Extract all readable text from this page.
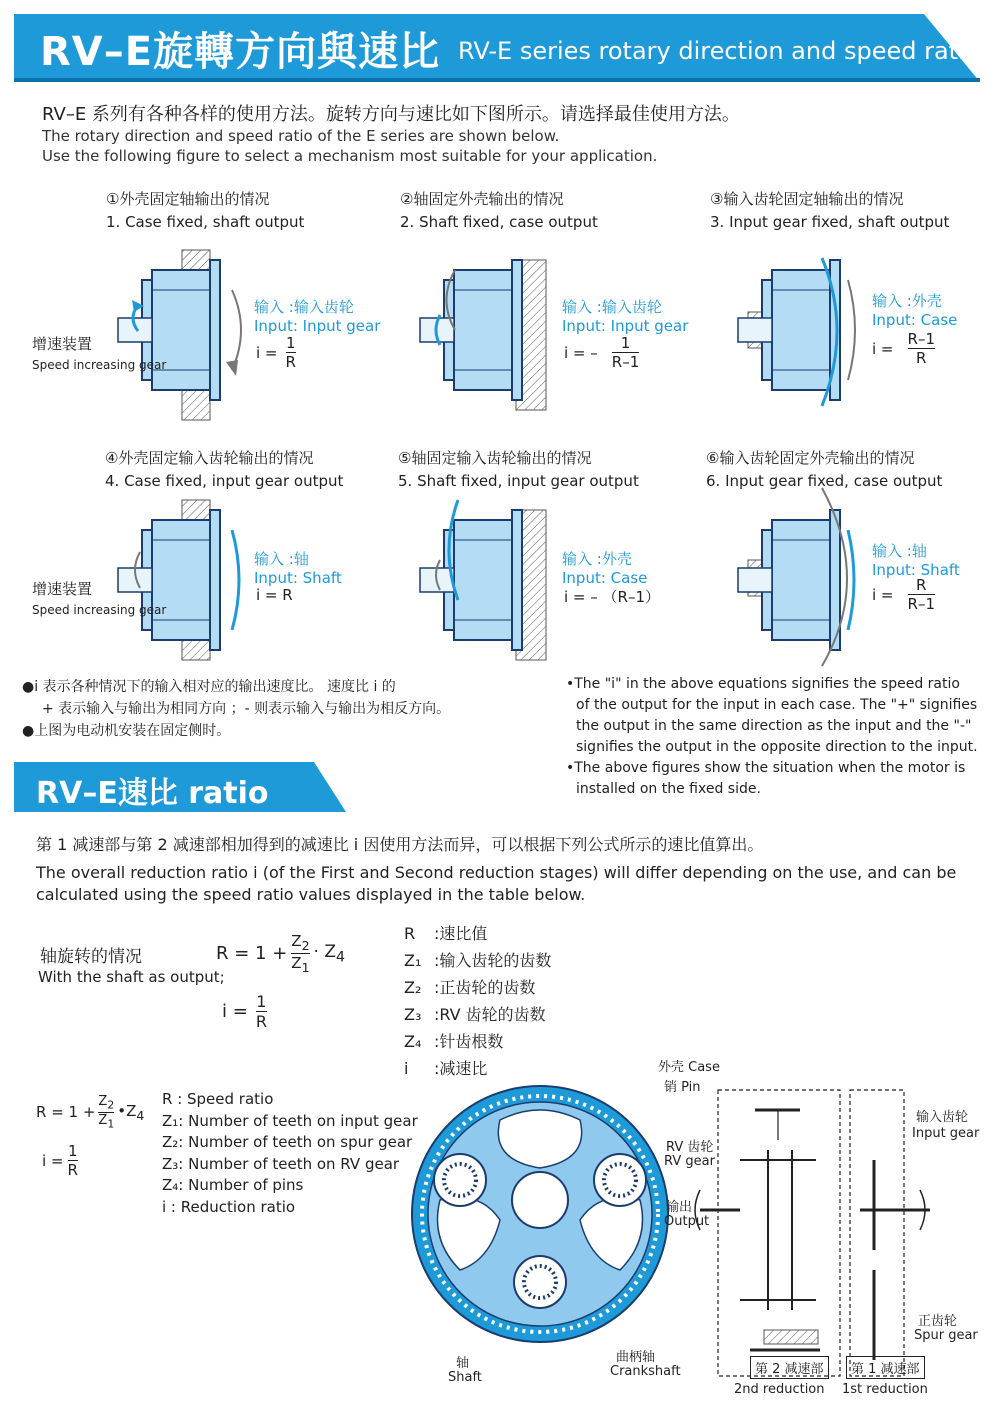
RV–E旋轉方向與速比 RV-E series rotary direction and speed ratio
RV–E 系列有各种各样的使用方法。旋转方向与速比如下图所示。请选择最佳使用方法。
The rotary direction and speed ratio of the E series are shown below.
Use the following figure to select a mechanism most suitable for your application.
①外壳固定轴输出的情况
1. Case fixed, shaft output
②轴固定外壳输出的情况
2. Shaft fixed, case output
③输入齿轮固定轴输出的情况
3. Input gear fixed, shaft output
④外壳固定输入齿轮输出的情况
4. Case fixed, input gear output
⑤轴固定输入齿轮输出的情况
5. Shaft fixed, input gear output
⑥输入齿轮固定外壳输出的情况
6. Input gear fixed, case output
输入 :输入齿轮
Input: Input gear
$i = \frac{1}{R}$
增速装置
Speed increasing gear
输入 :输入齿轮
Input: Input gear
i = – $\frac{1}{R-1}$
输入 :外壳
Input: Case
$i = \frac{R-1}{R}$
输入 :轴
Input: Shaft
i = R
增速装置
Speed increasing gear
输入 :外壳
Input: Case
i = – （R–1）
输入 :轴
Input: Shaft
$i = \frac{R}{R-1}$
●i 表示各种情况下的输入相对应的输出速度比。 速度比 i 的
+ 表示输入与输出为相同方向 ；- 则表示输入与输出为相反方向。
●上图为电动机安装在固定侧时。
•The "i" in the above equations signifies the speed ratio
of the output for the input in each case. The "+" signifies
the output in the same direction as the input and the "-"
signifies the output in the opposite direction to the input.
•The above figures show the situation when the motor is
installed on the fixed side.
RV–E速比 ratio
第 1 减速部与第 2 减速部相加得到的减速比 i 因使用方法而异，可以根据下列公式所示的速比值算出。
The overall reduction ratio i (of the First and Second reduction stages) will differ depending on the use, and can be
calculated using the speed ratio values displayed in the table below.
轴旋转的情况
With the shaft as output;
$R = 1 + \frac{Z_2}{Z_1} \cdot Z_4$
$i = \frac{1}{R}$
R :速比值
Z₁ :输入齿轮的齿数
Z₂ :正齿轮的齿数
Z₃ :RV 齿轮的齿数
Z₄ :针齿根数
i :减速比
$R = 1 + \frac{Z_2}{Z_1}$ $•Z_4$
$i = \frac{1}{R}$
R : Speed ratio
Z₁: Number of teeth on input gear
Z₂: Number of teeth on spur gear
Z₃: Number of teeth on RV gear
Z₄: Number of pins
i : Reduction ratio
外壳 Case
销 Pin
RV 齿轮
RV gear
输出
Output
输入齿轮
Input gear
正齿轮
Spur gear
曲柄轴
Crankshaft
轴
Shaft
第 2 减速部
2nd reduction
第 1 减速部
1st reduction
